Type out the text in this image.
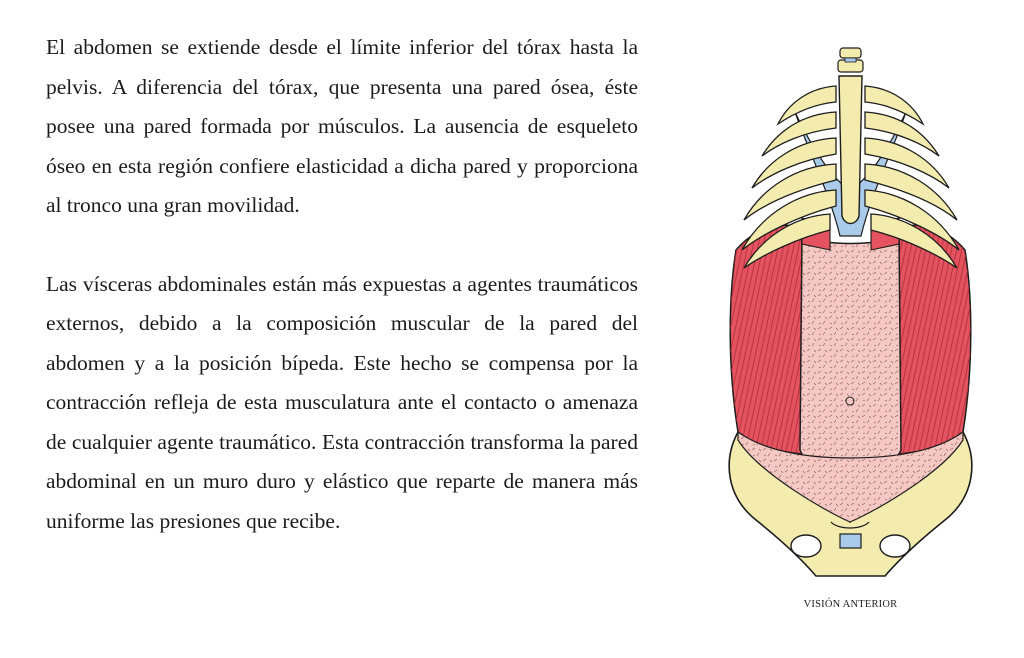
El abdomen se extiende desde el límite inferior del tórax hasta la pelvis. A diferencia del tórax, que presenta una pared ósea, éste posee una pared formada por músculos. La ausencia de esqueleto óseo en esta región confiere elasticidad a dicha pared y proporciona al tronco una gran movilidad.

Las vísceras abdominales están más expuestas a agentes traumáticos externos, debido a la composición muscular de la pared del abdomen y a la posición bípeda. Este hecho se compensa por la contracción refleja de esta musculatura ante el contacto o amenaza de cualquier agente traumático. Esta contracción transforma la pared abdominal en un muro duro y elástico que reparte de manera más uniforme las presiones que recibe.

VISIÓN ANTERIOR
